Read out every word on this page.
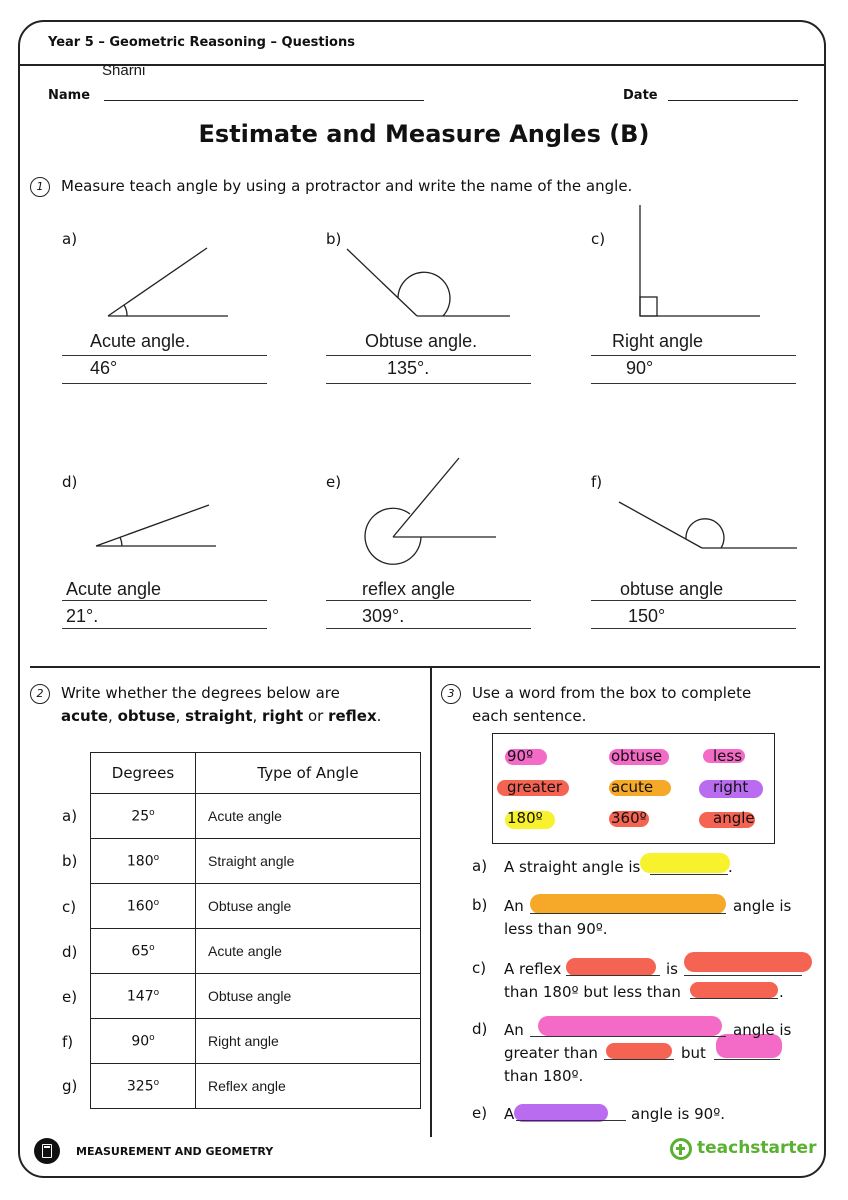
Year 5 – Geometric Reasoning – Questions
Name
Sharni
Date
Estimate and Measure Angles (B)
1	Measure teach angle by using a protractor and write the name of the angle.
a)	b)	c)
d)	e)	f)
Acute angle.
46°
Obtuse angle.
135°.
Right angle
90°
Acute angle
21°.
reflex angle
309°.
obtuse angle
150°
2	Write whether the degrees below are
acute, obtuse, straight, right or reflex.
Degrees	Type of Angle
25$^o$	Acute angle
180$^o$	Straight angle
160$^o$	Obtuse angle
65$^o$	Acute angle
147$^o$	Obtuse angle
90$^o$	Right angle
325$^o$	Reflex angle
a)
b)
c)
d)
e)
f)
g)
3	Use a word from the box to complete
each sentence.
90º	obtuse	less
greater	acute	right
180º	360º	angle
a)
b)
c)
d)
e)
A straight angle is	.
An	angle is
less than 90º.
A reflex	is
than 180º but less than	.
An	angle is
greater than	but
than 180º.
A	angle is 90º.
MEASUREMENT AND GEOMETRY	teachstarter
